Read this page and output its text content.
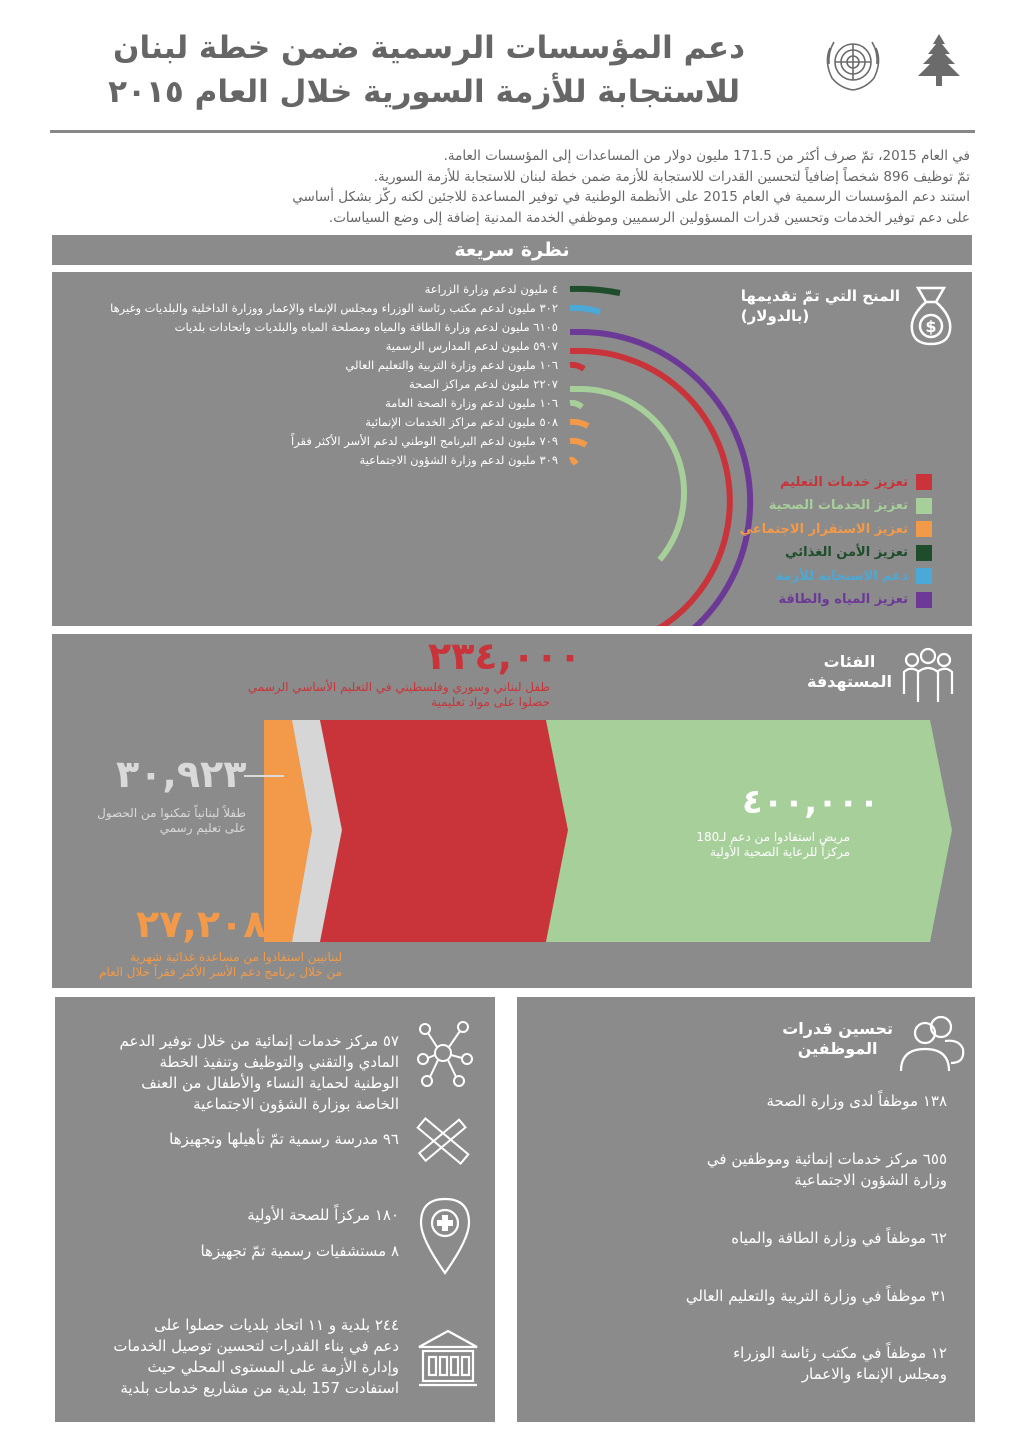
دعم المؤسسات الرسمية ضمن خطة لبنان
للاستجابة للأزمة السورية خلال العام ٢٠١٥
في العام 2015، تمّ صرف أكثر من 171.5 مليون دولار من المساعدات إلى المؤسسات العامة.
تمّ توظيف 896 شخصاً إضافياً لتحسين القدرات للاستجابة للأزمة ضمن خطة لبنان للاستجابة للأزمة السورية.
استند دعم المؤسسات الرسمية في العام 2015 على الأنظمة الوطنية في توفير المساعدة للاجئين لكنه ركّز بشكل أساسي
على دعم توفير الخدمات وتحسين قدرات المسؤولين الرسميين وموظفي الخدمة المدنية إضافة إلى وضع السياسات.
نظرة سريعة
المنح التي تمّ تقديمها
(بالدولار)
$
٤ مليون لدعم وزارة الزراعة
٣٠٢ مليون لدعم مكتب رئاسة الوزراء ومجلس الإنماء والإعمار ووزارة الداخلية والبلديات وغيرها
٦١٠٥ مليون لدعم وزارة الطاقة والمياه ومصلحة المياه والبلديات واتحادات بلديات
٥٩٠٧ مليون لدعم المدارس الرسمية
١٠٦ مليون لدعم وزارة التربية والتعليم العالي
٢٢٠٧ مليون لدعم مراكز الصحة
١٠٦ مليون لدعم وزارة الصحة العامة
٥٠٨ مليون لدعم مراكز الخدمات الإنمائية
٧٠٩ مليون لدعم البرنامج الوطني لدعم الأسر الأكثر فقراً
٣٠٩ مليون لدعم وزارة الشؤون الاجتماعية
تعزيز خدمات التعليم
تعزيز الخدمات الصحية
تعزيز الاستقرار الاجتماعي
تعزيز الأمن الغذائي
دعم الاستجابة للأزمة
تعزيز المياه والطاقة
الفئات
المستهدفة
٢٣٤,٠٠٠
طفل لبناني وسوري وفلسطيني في التعليم الأساسي الرسمي
حصلوا على مواد تعليمية
٣٠,٩٢٣
طفلاً لبنانياً تمكنوا من الحصول
على تعليم رسمي
٤٠٠,٠٠٠
مريض استفادوا من دعم لـ180
مركزاً للرعاية الصحية الأولية
٢٧,٢٠٨
لبنانيين استفادوا من مساعدة غذائية شهرية
من خلال برنامج دعم الأسر الأكثر فقراً خلال العام
٥٧ مركز خدمات إنمائية من خلال توفير الدعم
المادي والتقني والتوظيف وتنفيذ الخطة
الوطنية لحماية النساء والأطفال من العنف
الخاصة بوزارة الشؤون الاجتماعية
٩٦ مدرسة رسمية تمّ تأهيلها وتجهيزها
١٨٠ مركزاً للصحة الأولية
٨ مستشفيات رسمية تمّ تجهيزها
٢٤٤ بلدية و ١١ اتحاد بلديات حصلوا على
دعم في بناء القدرات لتحسين توصيل الخدمات
وإدارة الأزمة على المستوى المحلي حيث
استفادت 157 بلدية من مشاريع خدمات بلدية
تحسين قدرات
الموظفين
١٣٨ موظفاً لدى وزارة الصحة
٦٥٥ مركز خدمات إنمائية وموظفين في
وزارة الشؤون الاجتماعية
٦٢ موظفاً في وزارة الطاقة والمياه
٣١ موظفاً في وزارة التربية والتعليم العالي
١٢ موظفاً في مكتب رئاسة الوزراء
ومجلس الإنماء والاعمار
